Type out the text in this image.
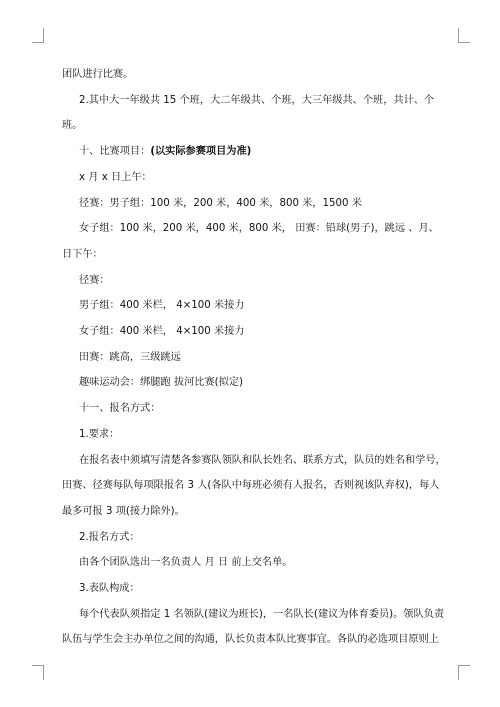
团队进行比赛。
2.其中大一年级共 15 个班，大二年级共、个班，大三年级共、个班，共计、个
班。
十、比赛项目：(以实际参赛项目为准)
x 月 x 日上午：
径赛：男子组：100 米，200 米，400 米，800 米，1500 米
女子组：100 米，200 米，400 米，800 米， 田赛：铅球(男子)，跳远 、月、
日下午：
径赛：
男子组：400 米栏， 4×100 米接力
女子组：400 米栏， 4×100 米接力
田赛：跳高，三级跳远
趣味运动会：绑腿跑 拔河比赛(拟定)
十一、报名方式：
1.要求：
在报名表中须填写清楚各参赛队领队和队长姓名、联系方式，队员的姓名和学号，
田赛、径赛每队每项限报名 3 人(各队中每班必须有人报名，否则视该队弃权)，每人
最多可报 3 项(接力除外)。
2.报名方式：
由各个团队选出一名负责人 月 日 前上交名单。
3.表队构成：
每个代表队须指定 1 名领队(建议为班长)，一名队长(建议为体育委员)。领队负责
队伍与学生会主办单位之间的沟通，队长负责本队比赛事宜。各队的必选项目原则上
